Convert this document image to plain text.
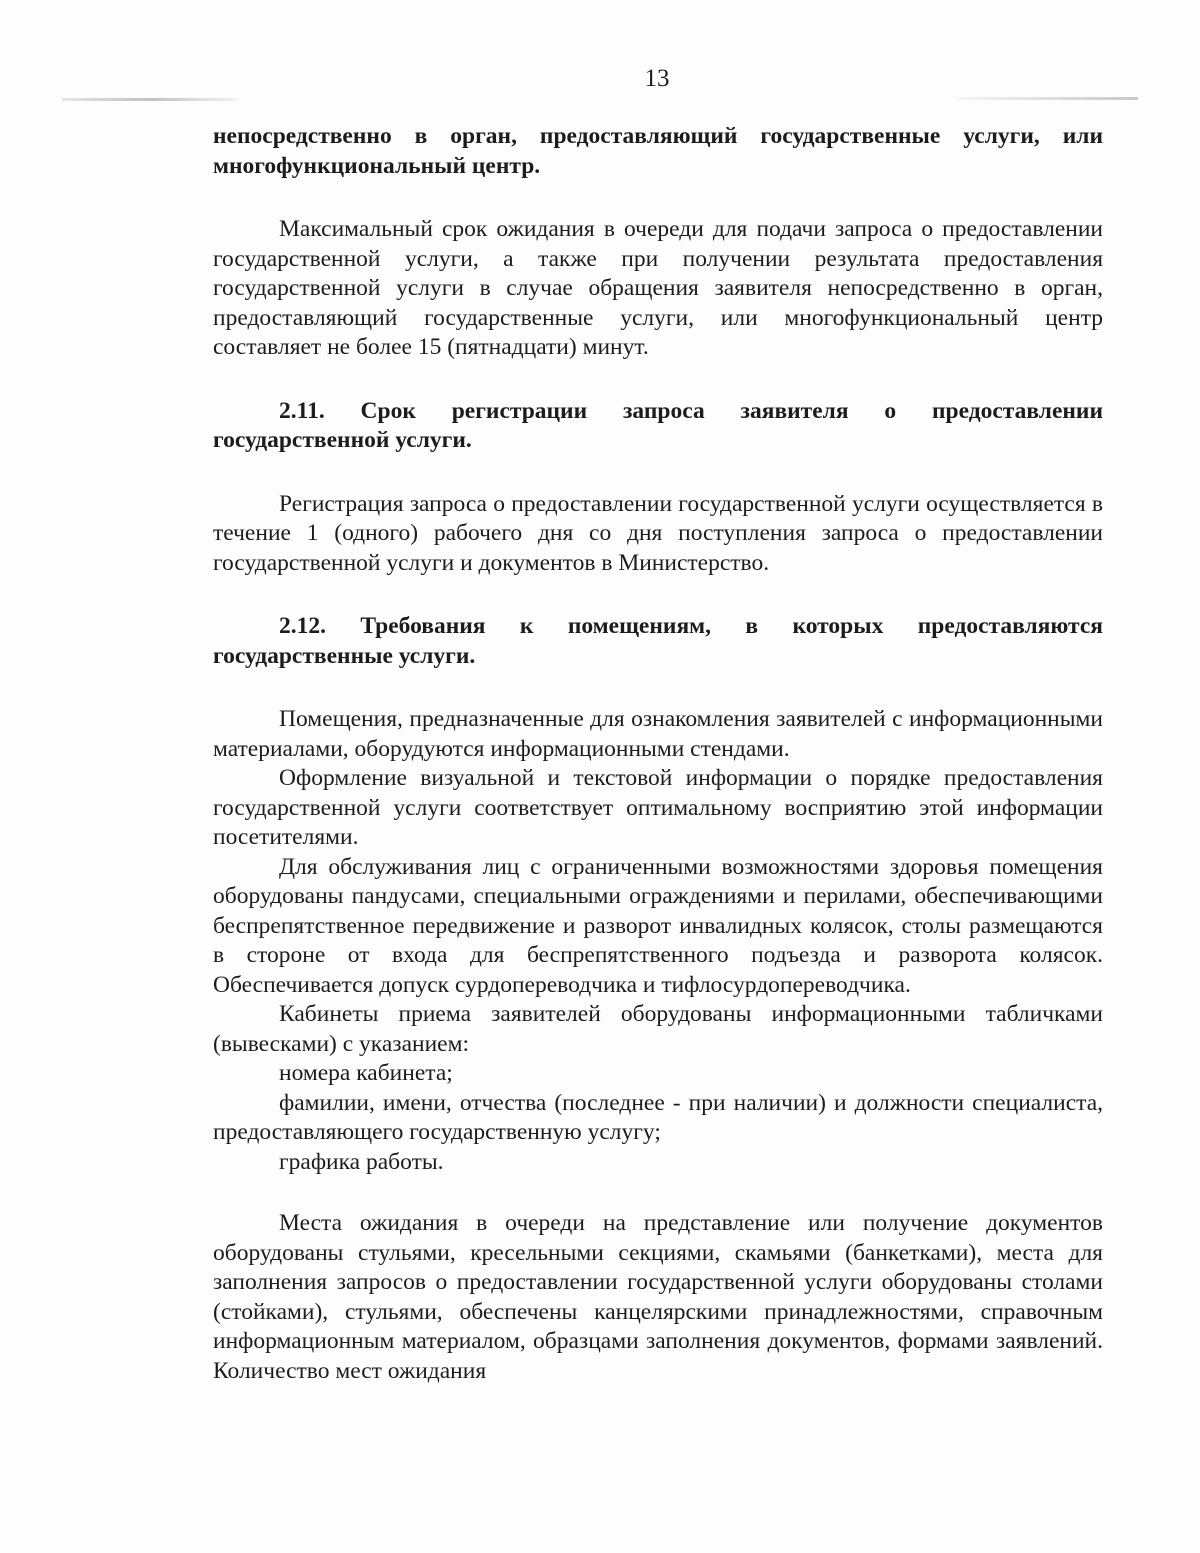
13

непосредственно в орган, предоставляющий государственные услуги, или многофункциональный центр.

Максимальный срок ожидания в очереди для подачи запроса о предоставлении государственной услуги, а также при получении результата предоставления государственной услуги в случае обращения заявителя непосредственно в орган, предоставляющий государственные услуги, или многофункциональный центр составляет не более 15 (пятнадцати) минут.

2.11. Срок регистрации запроса заявителя о предоставлении государственной услуги.

Регистрация запроса о предоставлении государственной услуги осуществляется в течение 1 (одного) рабочего дня со дня поступления запроса о предоставлении государственной услуги и документов в Министерство.

2.12. Требования к помещениям, в которых предоставляются государственные услуги.

Помещения, предназначенные для ознакомления заявителей с информационными материалами, оборудуются информационными стендами.

Оформление визуальной и текстовой информации о порядке предоставления государственной услуги соответствует оптимальному восприятию этой информации посетителями.

Для обслуживания лиц с ограниченными возможностями здоровья помещения оборудованы пандусами, специальными ограждениями и перилами, обеспечивающими беспрепятственное передвижение и разворот инвалидных колясок, столы размещаются в стороне от входа для беспрепятственного подъезда и разворота колясок. Обеспечивается допуск сурдопереводчика и тифлосурдопереводчика.

Кабинеты приема заявителей оборудованы информационными табличками (вывесками) с указанием:

номера кабинета;

фамилии, имени, отчества (последнее - при наличии) и должности специалиста, предоставляющего государственную услугу;

графика работы.

Места ожидания в очереди на представление или получение документов оборудованы стульями, кресельными секциями, скамьями (банкетками), места для заполнения запросов о предоставлении государственной услуги оборудованы столами (стойками), стульями, обеспечены канцелярскими принадлежностями, справочным информационным материалом, образцами заполнения документов, формами заявлений. Количество мест ожидания
